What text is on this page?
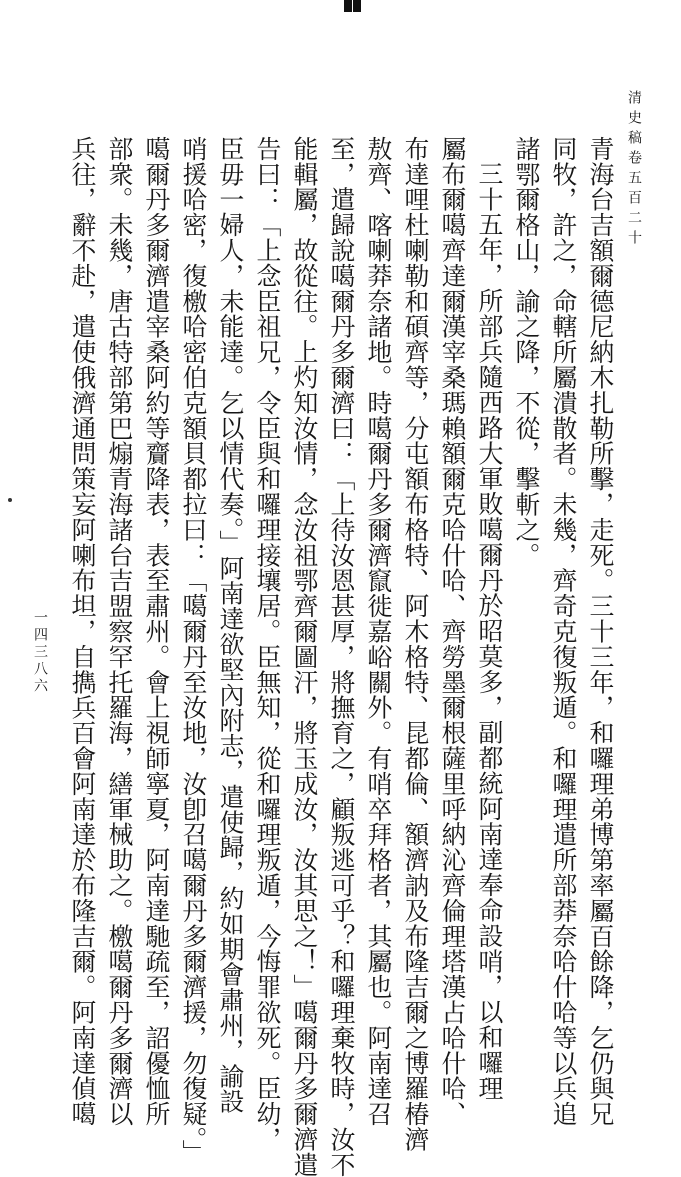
清史稿卷五百二十
一四三八六	青海台吉額爾德尼納木扎勒所擊，走死。三十三年，和囉理弟博第率屬百餘降，乞仍與兄
同牧，許之，命轄所屬潰散者。未幾，齊奇克復叛遁。和囉理遣所部莽奈哈什哈等以兵追
諸鄂爾格山，諭之降，不從，擊斬之。
三十五年，所部兵隨西路大軍敗噶爾丹於昭莫多，副都統阿南達奉命設哨，以和囉理
屬布爾噶齊達爾漢宰桑瑪賴額爾克哈什哈、齊勞墨爾根薩里呼納沁齊倫理塔漢占哈什哈、
布達哩杜喇勒和碩齊等，分屯額布格特、阿木格特、昆都倫、額濟訥及布隆吉爾之博羅椿濟
敖齊、喀喇莽奈諸地。時噶爾丹多爾濟竄徙嘉峪關外。有哨卒拜格者，其屬也。阿南達召
至，遣歸說噶爾丹多爾濟曰：「上待汝恩甚厚，將撫育之，顧叛逃可乎？和囉理棄牧時，汝不
能輯屬，故從往。上灼知汝情，念汝祖鄂齊爾圖汗，將玉成汝，汝其思之！」噶爾丹多爾濟遣
告曰：「上念臣祖兄，令臣與和囉理接壤居。臣無知，從和囉理叛遁，今悔罪欲死。臣幼，
臣毋一婦人，未能達。乞以情代奏。」阿南達欲堅內附志，遣使歸，約如期會肅州，諭設
哨援哈密，復檄哈密伯克額貝都拉曰：「噶爾丹至汝地，汝卽召噶爾丹多爾濟援，勿復疑。」
噶爾丹多爾濟遣宰桑阿約等齎降表，表至肅州。會上視師寧夏，阿南達馳疏至，詔優恤所
部衆。未幾，唐古特部第巴煽青海諸台吉盟察罕托羅海，繕軍械助之。檄噶爾丹多爾濟以
兵往，辭不赴，遣使俄濟通問策妄阿喇布坦，自擕兵百會阿南達於布隆吉爾。阿南達偵噶
